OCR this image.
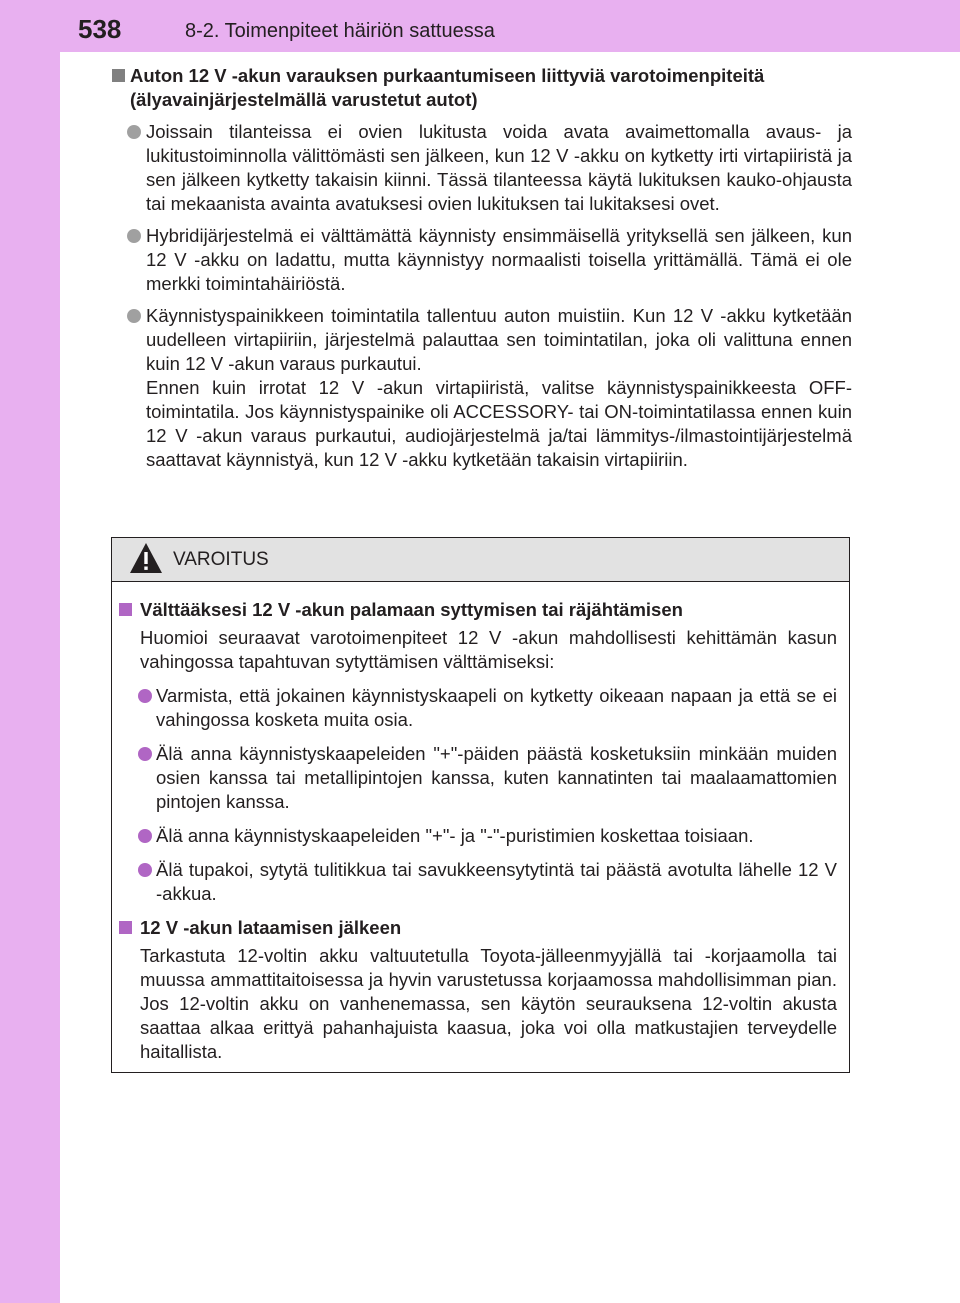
538	8-2. Toimenpiteet häiriön sattuessa
Auton 12 V -akun varauksen purkaantumiseen liittyviä varotoimenpiteitä (älyavainjärjestelmällä varustetut autot)
Joissain tilanteissa ei ovien lukitusta voida avata avaimettomalla avaus- ja lukitustoiminnolla välittömästi sen jälkeen, kun 12 V -akku on kytketty irti virtapiiristä ja sen jälkeen kytketty takaisin kiinni. Tässä tilanteessa käytä lukituksen kauko-ohjausta tai mekaanista avainta avatuksesi ovien lukituksen tai lukitaksesi ovet.
Hybridijärjestelmä ei välttämättä käynnisty ensimmäisellä yrityksellä sen jälkeen, kun 12 V -akku on ladattu, mutta käynnistyy normaalisti toisella yrittämällä. Tämä ei ole merkki toimintahäiriöstä.
Käynnistyspainikkeen toimintatila tallentuu auton muistiin. Kun 12 V -akku kytketään uudelleen virtapiiriin, järjestelmä palauttaa sen toimintatilan, joka oli valittuna ennen kuin 12 V -akun varaus purkautui.
Ennen kuin irrotat 12 V -akun virtapiiristä, valitse käynnistyspainikkeesta OFF-toimintatila. Jos käynnistyspainike oli ACCESSORY- tai ON-toimintatilassa ennen kuin 12 V -akun varaus purkautui, audiojärjestelmä ja/tai lämmitys-/ilmastointijärjestelmä saattavat käynnistyä, kun 12 V -akku kytketään takaisin virtapiiriin.
VAROITUS
Välttääksesi 12 V -akun palamaan syttymisen tai räjähtämisen
Huomioi seuraavat varotoimenpiteet 12 V -akun mahdollisesti kehittämän kasun vahingossa tapahtuvan sytyttämisen välttämiseksi:
Varmista, että jokainen käynnistyskaapeli on kytketty oikeaan napaan ja että se ei vahingossa kosketa muita osia.
Älä anna käynnistyskaapeleiden "+"-päiden päästä kosketuksiin minkään muiden osien kanssa tai metallipintojen kanssa, kuten kannatinten tai maalaamattomien pintojen kanssa.
Älä anna käynnistyskaapeleiden "+"- ja "-"-puristimien koskettaa toisiaan.
Älä tupakoi, sytytä tulitikkua tai savukkeensytytintä tai päästä avotulta lähelle 12 V -akkua.
12 V -akun lataamisen jälkeen
Tarkastuta 12-voltin akku valtuutetulla Toyota-jälleenmyyjällä tai -korjaamolla tai muussa ammattitaitoisessa ja hyvin varustetussa korjaamossa mahdollisimman pian. Jos 12-voltin akku on vanhenemassa, sen käytön seurauksena 12-voltin akusta saattaa alkaa erittyä pahanhajuista kaasua, joka voi olla matkustajien terveydelle haitallista.
